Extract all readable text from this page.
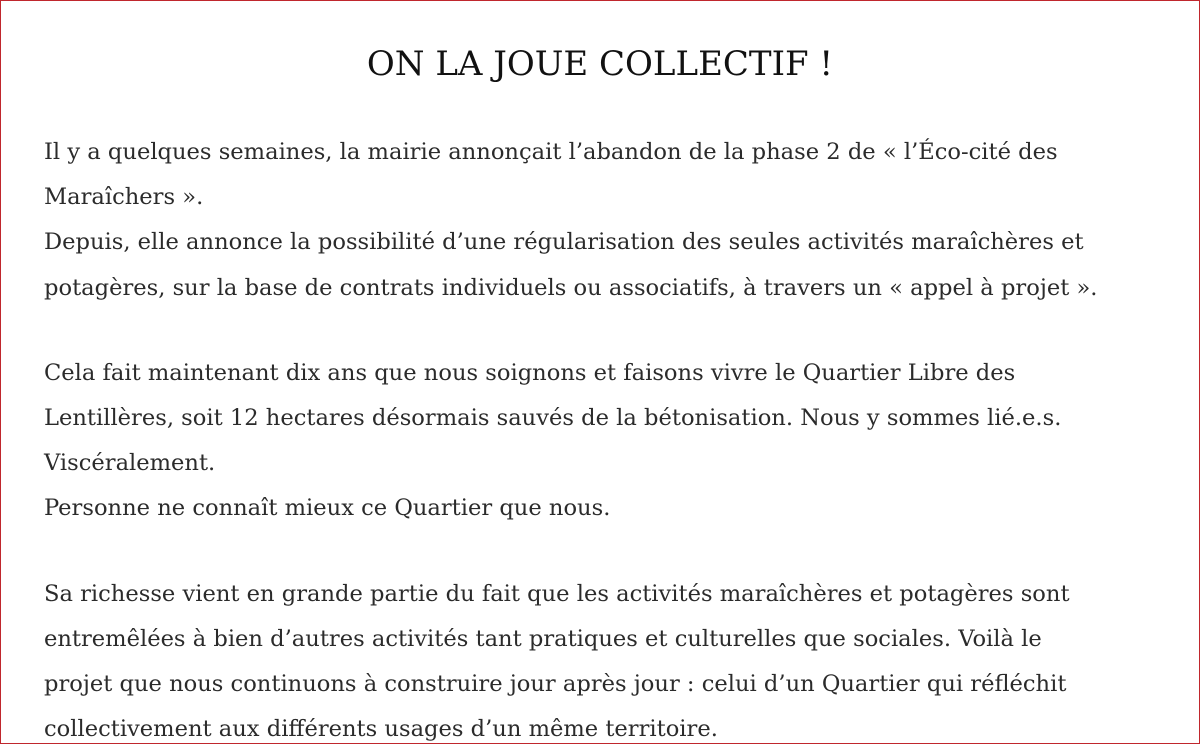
ON LA JOUE COLLECTIF !
Il y a quelques semaines, la mairie annonçait l’abandon de la phase 2 de « l’Éco-cité des
Maraîchers ».
Depuis, elle annonce la possibilité d’une régularisation des seules activités maraîchères et
potagères, sur la base de contrats individuels ou associatifs, à travers un « appel à projet ».
Cela fait maintenant dix ans que nous soignons et faisons vivre le Quartier Libre des
Lentillères, soit 12 hectares désormais sauvés de la bétonisation. Nous y sommes lié.e.s.
Viscéralement.
Personne ne connaît mieux ce Quartier que nous.
Sa richesse vient en grande partie du fait que les activités maraîchères et potagères sont
entremêlées à bien d’autres activités tant pratiques et culturelles que sociales. Voilà le
projet que nous continuons à construire jour après jour : celui d’un Quartier qui réfléchit
collectivement aux différents usages d’un même territoire.
